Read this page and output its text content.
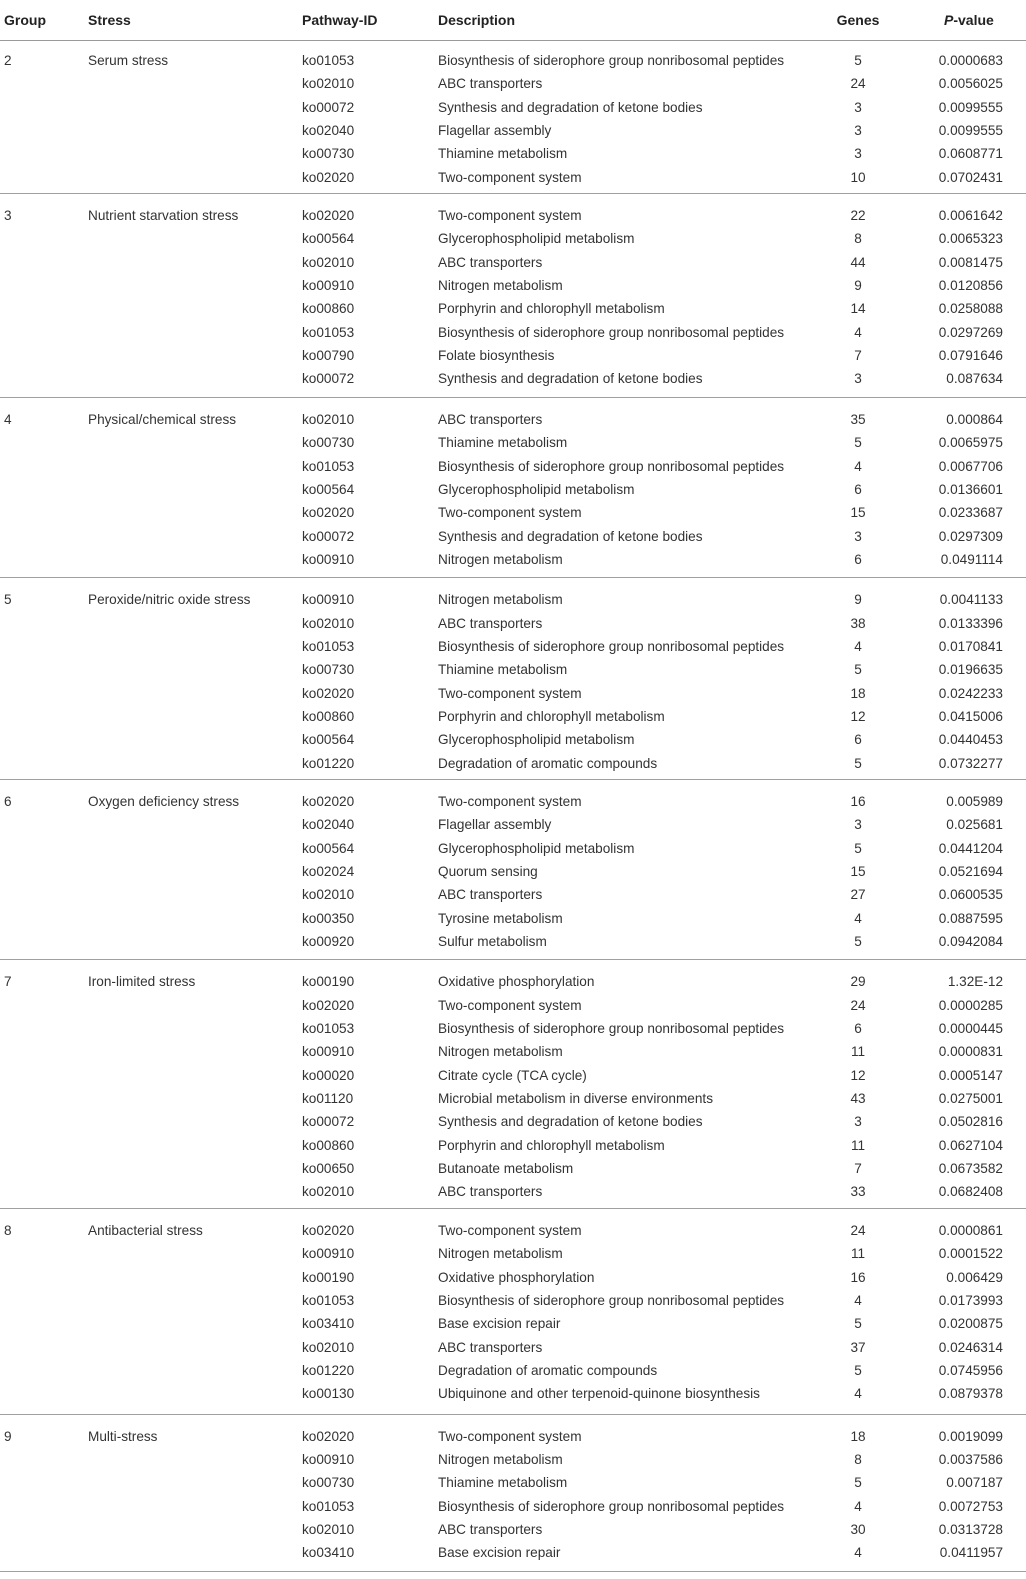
Group	Stress	Pathway-ID	Description	Genes	P-value
2	Serum stress	ko01053	Biosynthesis of siderophore group nonribosomal peptides	5	0.0000683
ko02010	ABC transporters	24	0.0056025
ko00072	Synthesis and degradation of ketone bodies	3	0.0099555
ko02040	Flagellar assembly	3	0.0099555
ko00730	Thiamine metabolism	3	0.0608771
ko02020	Two-component system	10	0.0702431
3	Nutrient starvation stress	ko02020	Two-component system	22	0.0061642
ko00564	Glycerophospholipid metabolism	8	0.0065323
ko02010	ABC transporters	44	0.0081475
ko00910	Nitrogen metabolism	9	0.0120856
ko00860	Porphyrin and chlorophyll metabolism	14	0.0258088
ko01053	Biosynthesis of siderophore group nonribosomal peptides	4	0.0297269
ko00790	Folate biosynthesis	7	0.0791646
ko00072	Synthesis and degradation of ketone bodies	3	0.087634
4	Physical/chemical stress	ko02010	ABC transporters	35	0.000864
ko00730	Thiamine metabolism	5	0.0065975
ko01053	Biosynthesis of siderophore group nonribosomal peptides	4	0.0067706
ko00564	Glycerophospholipid metabolism	6	0.0136601
ko02020	Two-component system	15	0.0233687
ko00072	Synthesis and degradation of ketone bodies	3	0.0297309
ko00910	Nitrogen metabolism	6	0.0491114
5	Peroxide/nitric oxide stress	ko00910	Nitrogen metabolism	9	0.0041133
ko02010	ABC transporters	38	0.0133396
ko01053	Biosynthesis of siderophore group nonribosomal peptides	4	0.0170841
ko00730	Thiamine metabolism	5	0.0196635
ko02020	Two-component system	18	0.0242233
ko00860	Porphyrin and chlorophyll metabolism	12	0.0415006
ko00564	Glycerophospholipid metabolism	6	0.0440453
ko01220	Degradation of aromatic compounds	5	0.0732277
6	Oxygen deficiency stress	ko02020	Two-component system	16	0.005989
ko02040	Flagellar assembly	3	0.025681
ko00564	Glycerophospholipid metabolism	5	0.0441204
ko02024	Quorum sensing	15	0.0521694
ko02010	ABC transporters	27	0.0600535
ko00350	Tyrosine metabolism	4	0.0887595
ko00920	Sulfur metabolism	5	0.0942084
7	Iron-limited stress	ko00190	Oxidative phosphorylation	29	1.32E-12
ko02020	Two-component system	24	0.0000285
ko01053	Biosynthesis of siderophore group nonribosomal peptides	6	0.0000445
ko00910	Nitrogen metabolism	11	0.0000831
ko00020	Citrate cycle (TCA cycle)	12	0.0005147
ko01120	Microbial metabolism in diverse environments	43	0.0275001
ko00072	Synthesis and degradation of ketone bodies	3	0.0502816
ko00860	Porphyrin and chlorophyll metabolism	11	0.0627104
ko00650	Butanoate metabolism	7	0.0673582
ko02010	ABC transporters	33	0.0682408
8	Antibacterial stress	ko02020	Two-component system	24	0.0000861
ko00910	Nitrogen metabolism	11	0.0001522
ko00190	Oxidative phosphorylation	16	0.006429
ko01053	Biosynthesis of siderophore group nonribosomal peptides	4	0.0173993
ko03410	Base excision repair	5	0.0200875
ko02010	ABC transporters	37	0.0246314
ko01220	Degradation of aromatic compounds	5	0.0745956
ko00130	Ubiquinone and other terpenoid-quinone biosynthesis	4	0.0879378
9	Multi-stress	ko02020	Two-component system	18	0.0019099
ko00910	Nitrogen metabolism	8	0.0037586
ko00730	Thiamine metabolism	5	0.007187
ko01053	Biosynthesis of siderophore group nonribosomal peptides	4	0.0072753
ko02010	ABC transporters	30	0.0313728
ko03410	Base excision repair	4	0.0411957
